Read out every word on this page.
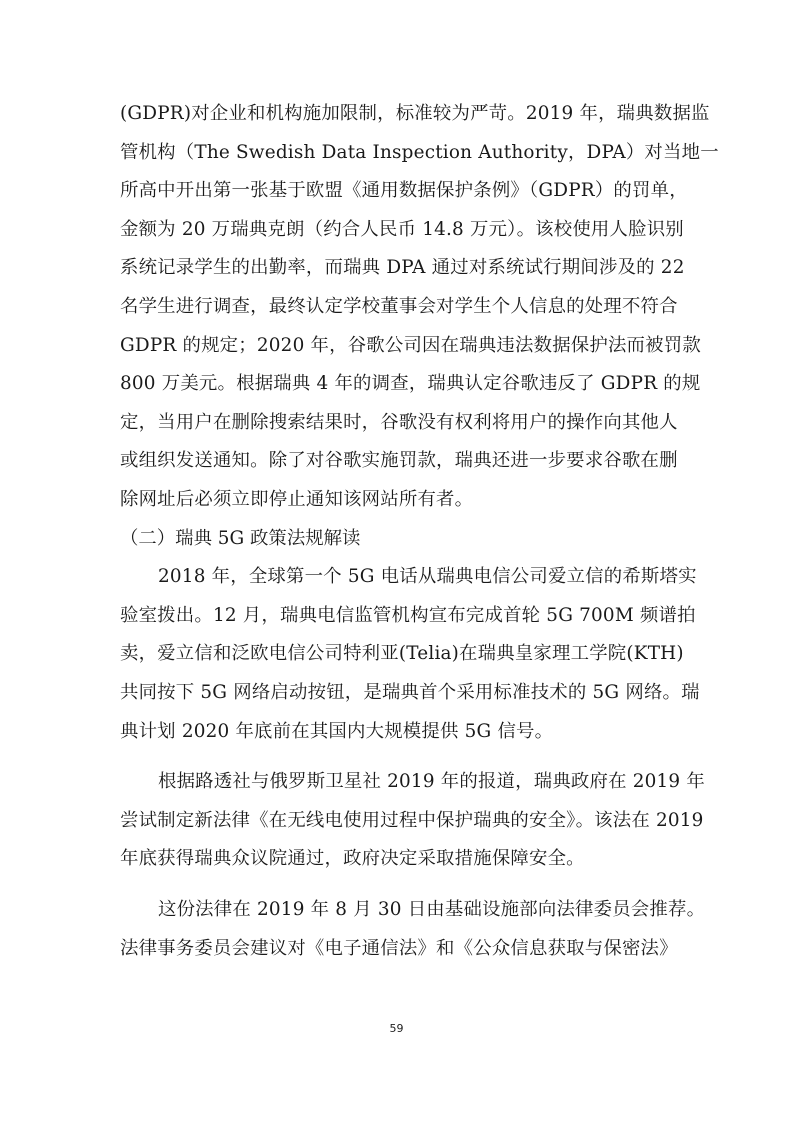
(GDPR)对企业和机构施加限制，标准较为严苛。2019 年，瑞典数据监
管机构（The Swedish Data Inspection Authority，DPA）对当地一
所高中开出第一张基于欧盟《通用数据保护条例》（GDPR）的罚单，
金额为 20 万瑞典克朗（约合人民币 14.8 万元）。该校使用人脸识别
系统记录学生的出勤率，而瑞典 DPA 通过对系统试行期间涉及的 22
名学生进行调查，最终认定学校董事会对学生个人信息的处理不符合
GDPR 的规定；2020 年，谷歌公司因在瑞典违法数据保护法而被罚款
800 万美元。根据瑞典 4 年的调查，瑞典认定谷歌违反了 GDPR 的规
定，当用户在删除搜索结果时，谷歌没有权利将用户的操作向其他人
或组织发送通知。除了对谷歌实施罚款，瑞典还进一步要求谷歌在删
除网址后必须立即停止通知该网站所有者。
（二）瑞典 5G 政策法规解读
2018 年，全球第一个 5G 电话从瑞典电信公司爱立信的希斯塔实
验室拨出。12 月，瑞典电信监管机构宣布完成首轮 5G 700M 频谱拍
卖，爱立信和泛欧电信公司特利亚(Telia)在瑞典皇家理工学院(KTH)
共同按下 5G 网络启动按钮，是瑞典首个采用标准技术的 5G 网络。瑞
典计划 2020 年底前在其国内大规模提供 5G 信号。
根据路透社与俄罗斯卫星社 2019 年的报道，瑞典政府在 2019 年
尝试制定新法律《在无线电使用过程中保护瑞典的安全》。该法在 2019
年底获得瑞典众议院通过，政府决定采取措施保障安全。
这份法律在 2019 年 8 月 30 日由基础设施部向法律委员会推荐。
59
法律事务委员会建议对《电子通信法》和《公众信息获取与保密法》
